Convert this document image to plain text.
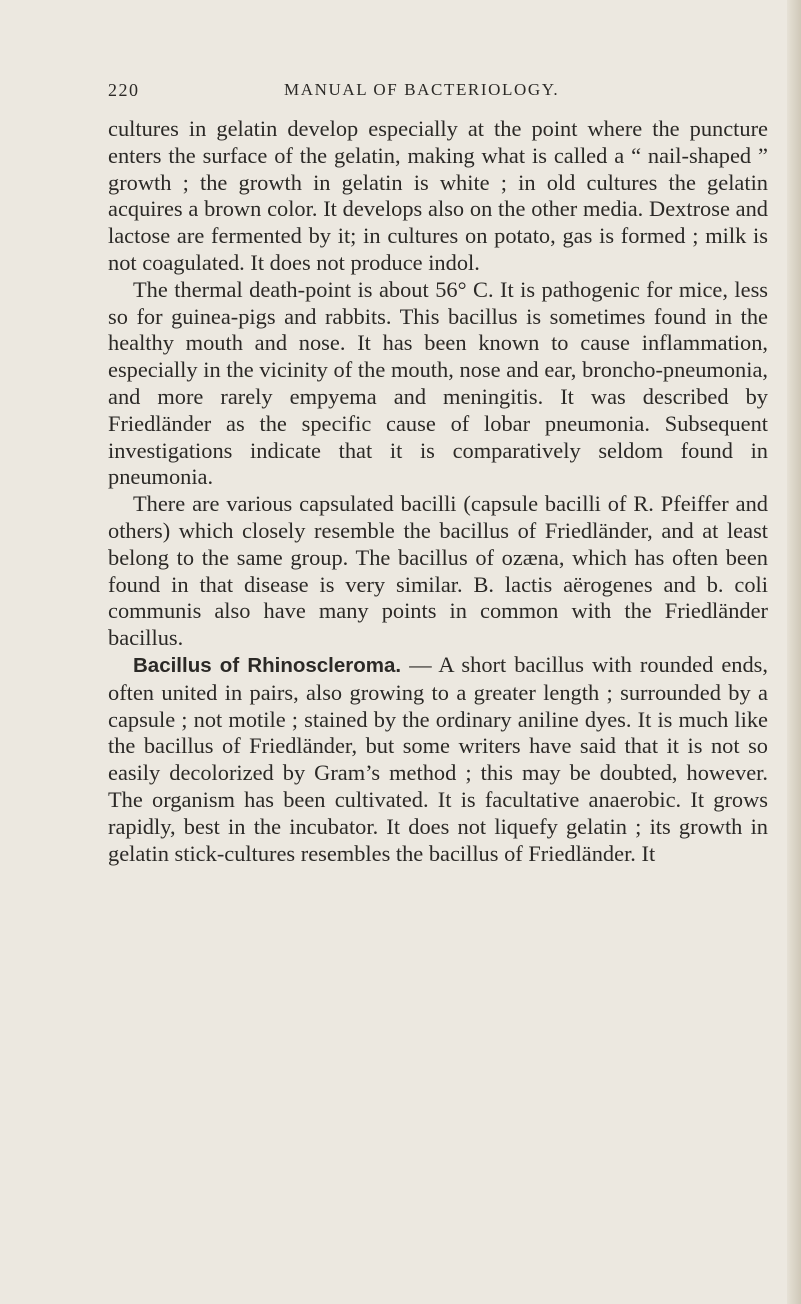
220	MANUAL OF BACTERIOLOGY.

cultures in gelatin develop especially at the point where the puncture enters the surface of the gelatin, making what is called a “ nail-shaped ” growth ; the growth in gelatin is white ; in old cultures the gelatin acquires a brown color. It develops also on the other media. Dextrose and lactose are fermented by it; in cultures on potato, gas is formed ; milk is not coagulated. It does not produce indol.

The thermal death-point is about 56° C. It is pathogenic for mice, less so for guinea-pigs and rabbits. This bacillus is sometimes found in the healthy mouth and nose. It has been known to cause inflammation, especially in the vicinity of the mouth, nose and ear, broncho-pneumonia, and more rarely empyema and meningitis. It was described by Friedländer as the specific cause of lobar pneumonia. Subsequent investigations indicate that it is comparatively seldom found in pneumonia.

There are various capsulated bacilli (capsule bacilli of R. Pfeiffer and others) which closely resemble the bacillus of Friedländer, and at least belong to the same group. The bacillus of ozæna, which has often been found in that disease is very similar. B. lactis aërogenes and b. coli communis also have many points in common with the Friedländer bacillus.

Bacillus of Rhinoscleroma. — A short bacillus with rounded ends, often united in pairs, also growing to a greater length ; surrounded by a capsule ; not motile ; stained by the ordinary aniline dyes. It is much like the bacillus of Friedländer, but some writers have said that it is not so easily decolorized by Gram’s method ; this may be doubted, however. The organism has been cultivated. It is facultative anaerobic. It grows rapidly, best in the incubator. It does not liquefy gelatin ; its growth in gelatin stick-cultures resembles the bacillus of Friedländer. It
